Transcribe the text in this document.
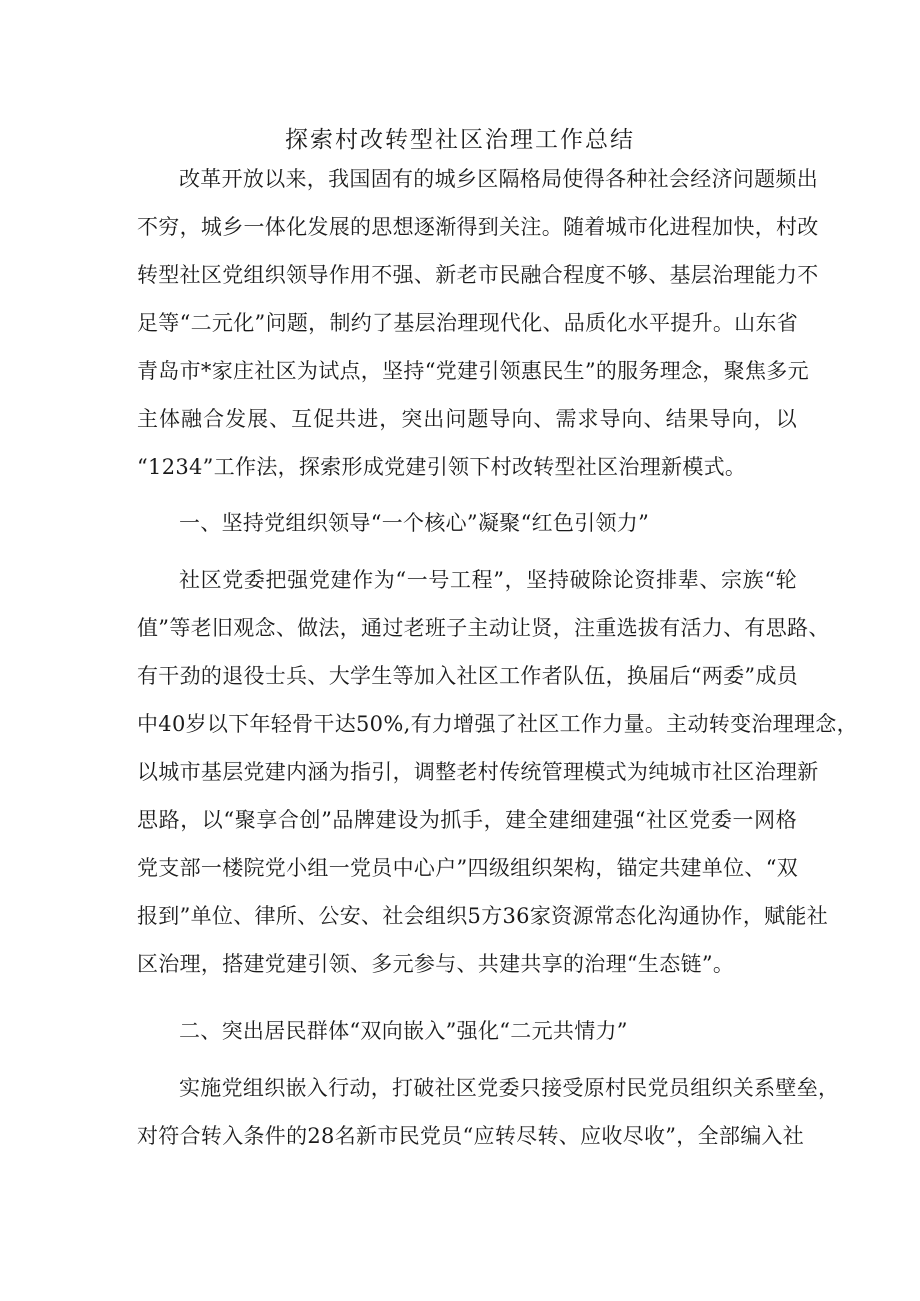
探索村改转型社区治理工作总结

改革开放以来，我国固有的城乡区隔格局使得各种社会经济问题频出

不穷，城乡一体化发展的思想逐渐得到关注。随着城市化进程加快，村改

转型社区党组织领导作用不强、新老市民融合程度不够、基层治理能力不

足等“二元化”问题，制约了基层治理现代化、品质化水平提升。山东省

青岛市*家庄社区为试点，坚持“党建引领惠民生”的服务理念，聚焦多元

主体融合发展、互促共进，突出问题导向、需求导向、结果导向，以

“1234”工作法，探索形成党建引领下村改转型社区治理新模式。

一、坚持党组织领导“一个核心”凝聚“红色引领力”

社区党委把强党建作为“一号工程”，坚持破除论资排辈、宗族“轮

值”等老旧观念、做法，通过老班子主动让贤，注重选拔有活力、有思路、

有干劲的退役士兵、大学生等加入社区工作者队伍，换届后“两委”成员

中40岁以下年轻骨干达50%,有力增强了社区工作力量。主动转变治理理念，

以城市基层党建内涵为指引，调整老村传统管理模式为纯城市社区治理新

思路，以“聚享合创”品牌建设为抓手，建全建细建强“社区党委一网格

党支部一楼院党小组一党员中心户”四级组织架构，锚定共建单位、“双

报到”单位、律所、公安、社会组织5方36家资源常态化沟通协作，赋能社

区治理，搭建党建引领、多元参与、共建共享的治理“生态链”。

二、突出居民群体“双向嵌入”强化“二元共情力”

实施党组织嵌入行动，打破社区党委只接受原村民党员组织关系壁垒，

对符合转入条件的28名新市民党员“应转尽转、应收尽收”，全部编入社
